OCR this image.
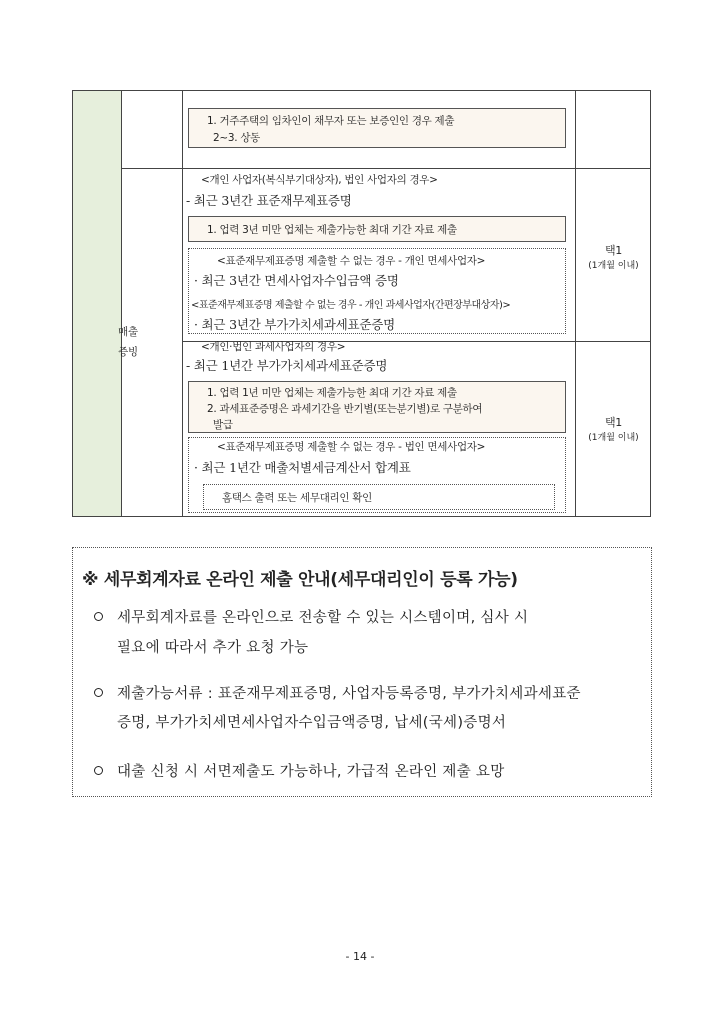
1. 거주주택의 임차인이 채무자 또는 보증인인 경우 제출
2~3. 상동
매출
증빙
<개인 사업자(복식부기대상자), 법인 사업자의 경우>
- 최근 3년간 표준재무제표증명
1. 업력 3년 미만 업체는 제출가능한 최대 기간 자료 제출
<표준재무제표증명 제출할 수 없는 경우 - 개인 면세사업자>
· 최근 3년간 면세사업자수입금액 증명
<표준재무제표증명 제출할 수 없는 경우 - 개인 과세사업자(간편장부대상자)>
· 최근 3년간 부가가치세과세표준증명
택1
(1개월 이내)
<개인·법인 과세사업자의 경우>
- 최근 1년간 부가가치세과세표준증명
1. 업력 1년 미만 업체는 제출가능한 최대 기간 자료 제출
2. 과세표준증명은 과세기간을 반기별(또는분기별)로 구분하여
발급
<표준재무제표증명 제출할 수 없는 경우 - 법인 면세사업자>
· 최근 1년간 매출처별세금계산서 합계표
홈택스 출력 또는 세무대리인 확인
택1
(1개월 이내)
※ 세무회계자료 온라인 제출 안내(세무대리인이 등록 가능)
세무회계자료를 온라인으로 전송할 수 있는 시스템이며, 심사 시
필요에 따라서 추가 요청 가능
제출가능서류 : 표준재무제표증명, 사업자등록증명, 부가가치세과세표준
증명, 부가가치세면세사업자수입금액증명, 납세(국세)증명서
대출 신청 시 서면제출도 가능하나, 가급적 온라인 제출 요망
- 14 -
